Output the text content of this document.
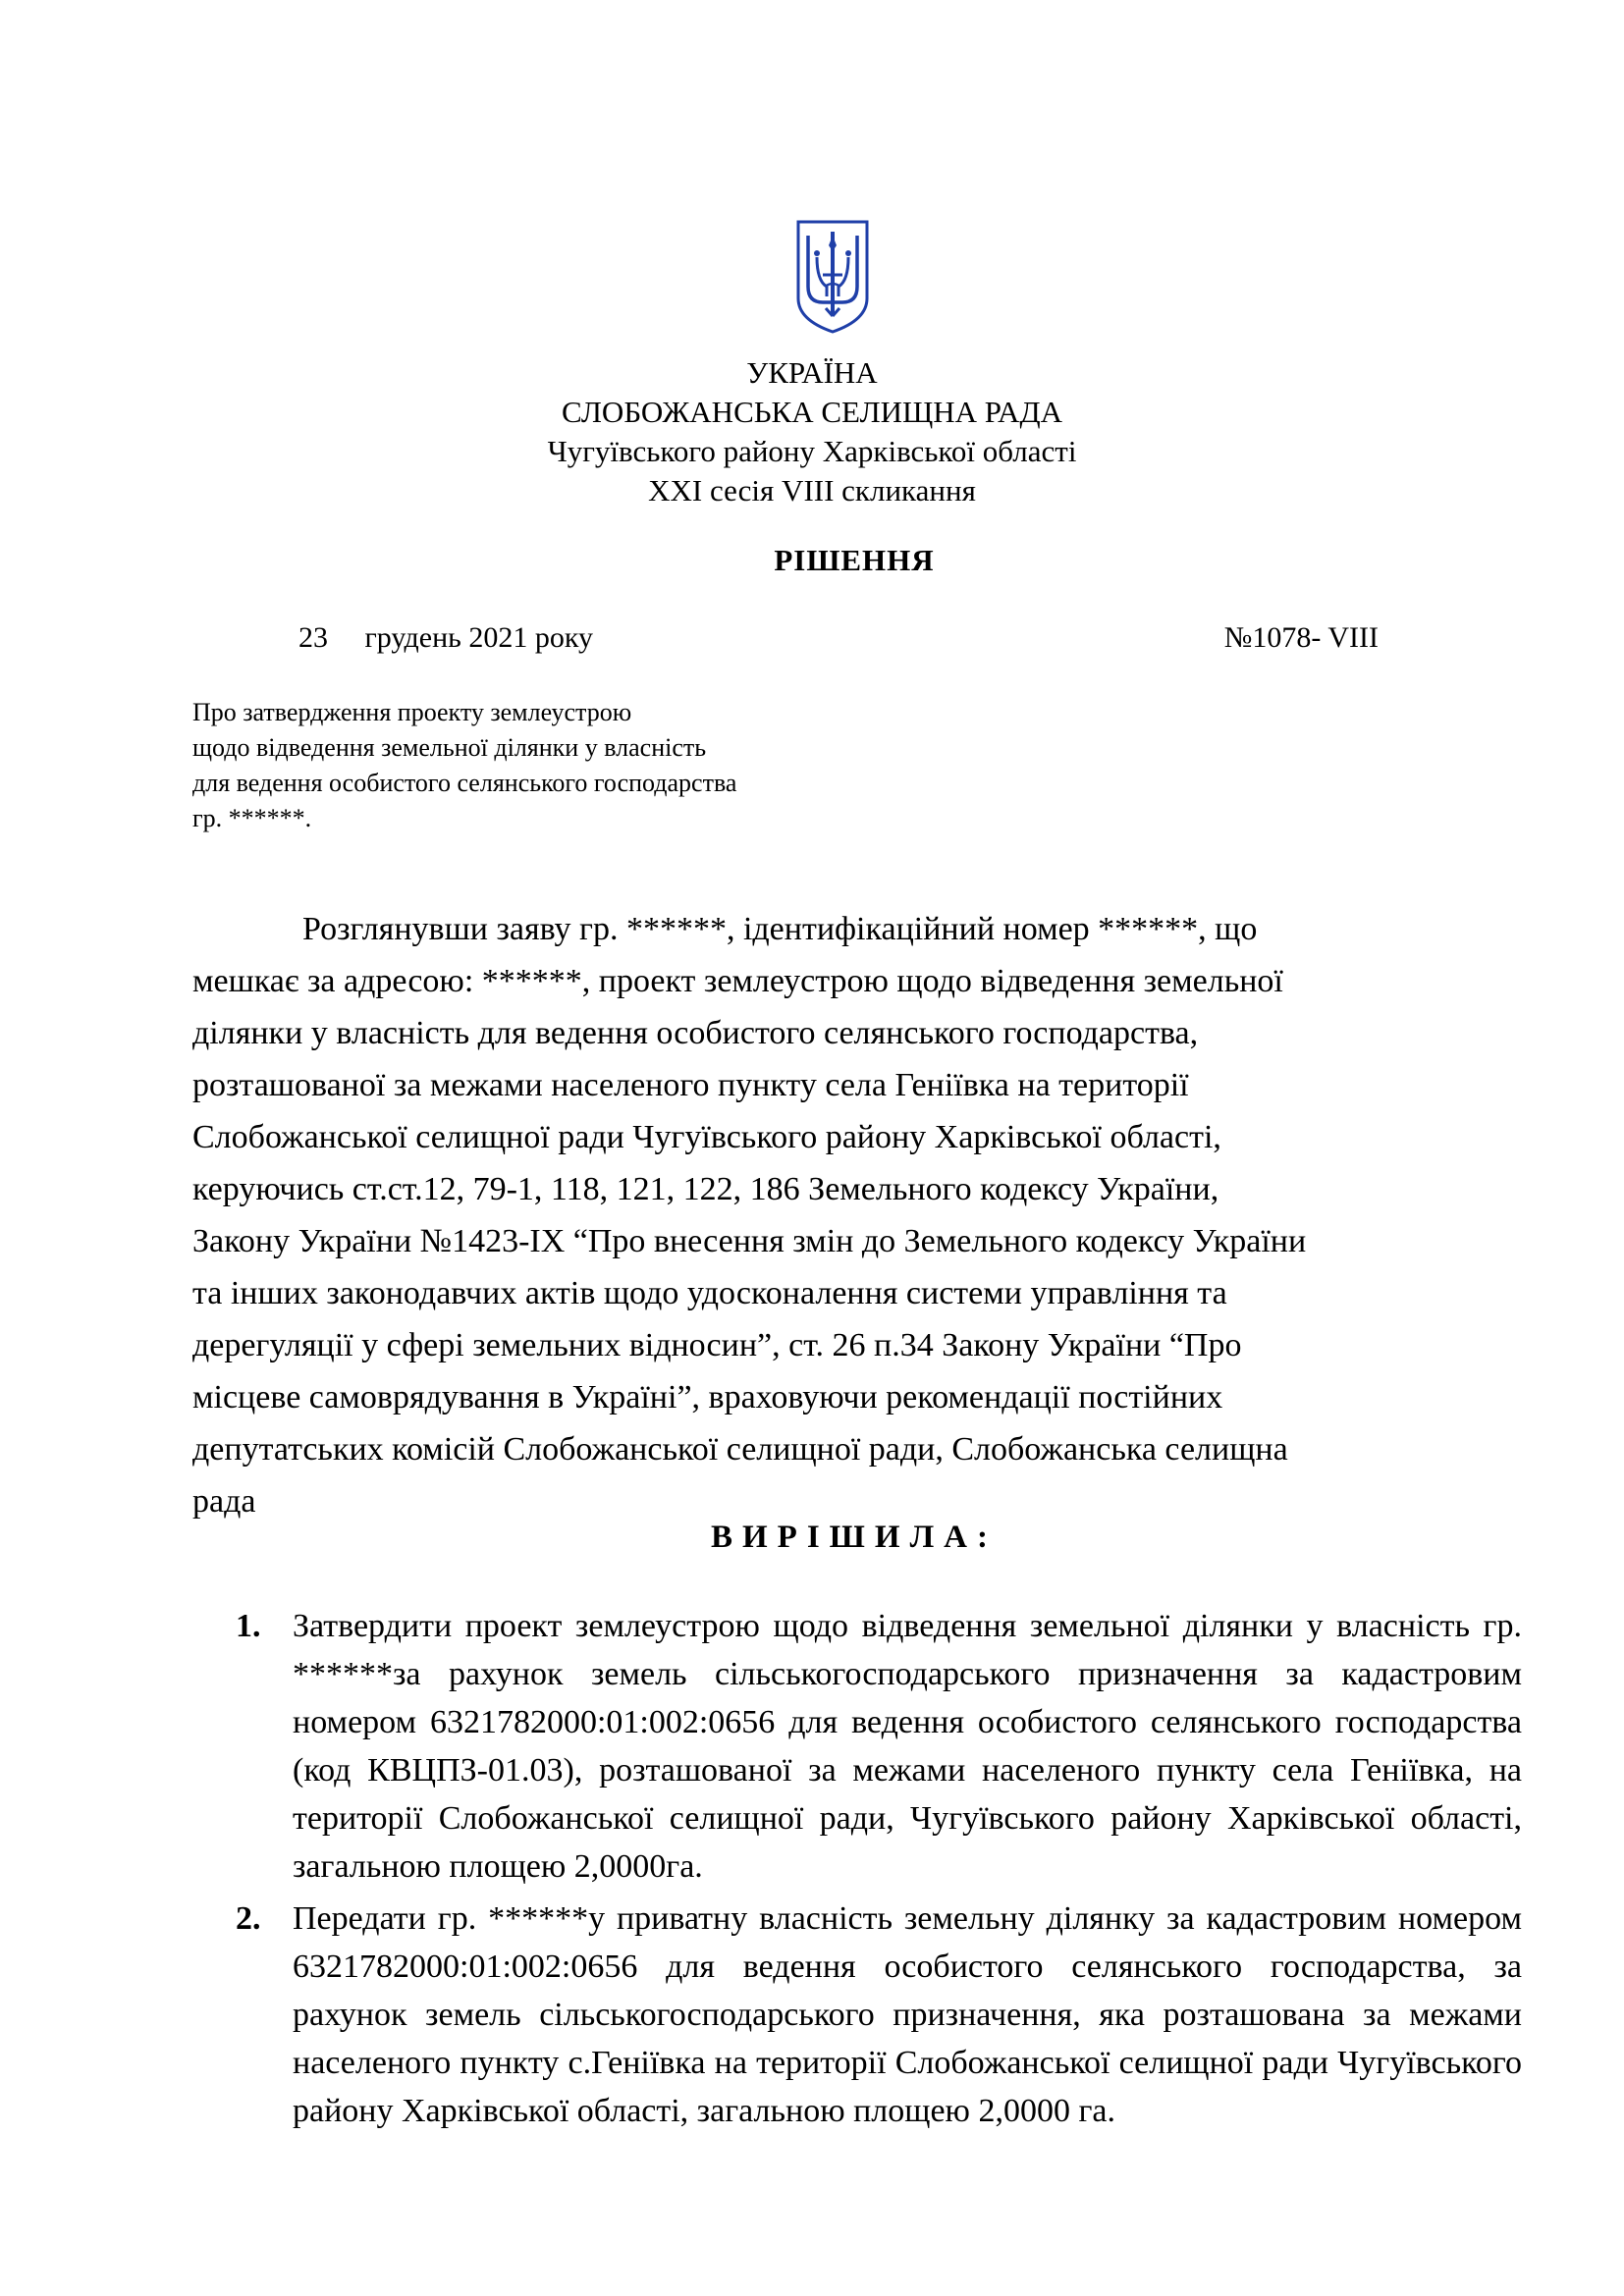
УКРАЇНА
СЛОБОЖАНСЬКА СЕЛИЩНА РАДА
Чугуївського району Харківської області
XXI сесія VIII скликання
РІШЕННЯ
23     грудень 2021 року	№1078- VIII
Про затвердження проекту землеустрою
щодо відведення земельної ділянки у власність
для ведення особистого селянського господарства
гр. ******.
Розглянувши заяву гр. ******, ідентифікаційний номер ******, що
мешкає за адресою: ******, проект землеустрою щодо відведення земельної
ділянки у власність для ведення особистого селянського господарства,
розташованої за межами населеного пункту села Геніївка на території
Слобожанської селищної ради Чугуївського району Харківської області,
керуючись ст.ст.12, 79-1, 118, 121, 122, 186 Земельного кодексу України,
Закону України №1423-IX “Про внесення змін до Земельного кодексу України
та інших законодавчих актів щодо удосконалення системи управління та
дерегуляції у сфері земельних відносин”, ст. 26 п.34 Закону України “Про
місцеве самоврядування в Україні”, враховуючи рекомендації постійних
депутатських комісій Слобожанської селищної ради, Слобожанська селищна
рада
ВИРІШИЛА:
1. Затвердити проект землеустрою щодо відведення земельної ділянки у власність гр. ******за рахунок земель сільськогосподарського призначення за кадастровим номером 6321782000:01:002:0656 для ведення особистого селянського господарства (код КВЦПЗ-01.03), розташованої за межами населеного пункту села Геніївка, на території Слобожанської селищної ради, Чугуївського району Харківської області, загальною площею 2,0000га.
2. Передати гр. ******у приватну власність земельну ділянку за кадастровим номером 6321782000:01:002:0656 для ведення особистого селянського господарства, за рахунок земель сільськогосподарського призначення, яка розташована за межами населеного пункту с.Геніївка на території Слобожанської селищної ради Чугуївського району Харківської області, загальною площею 2,0000 га.
